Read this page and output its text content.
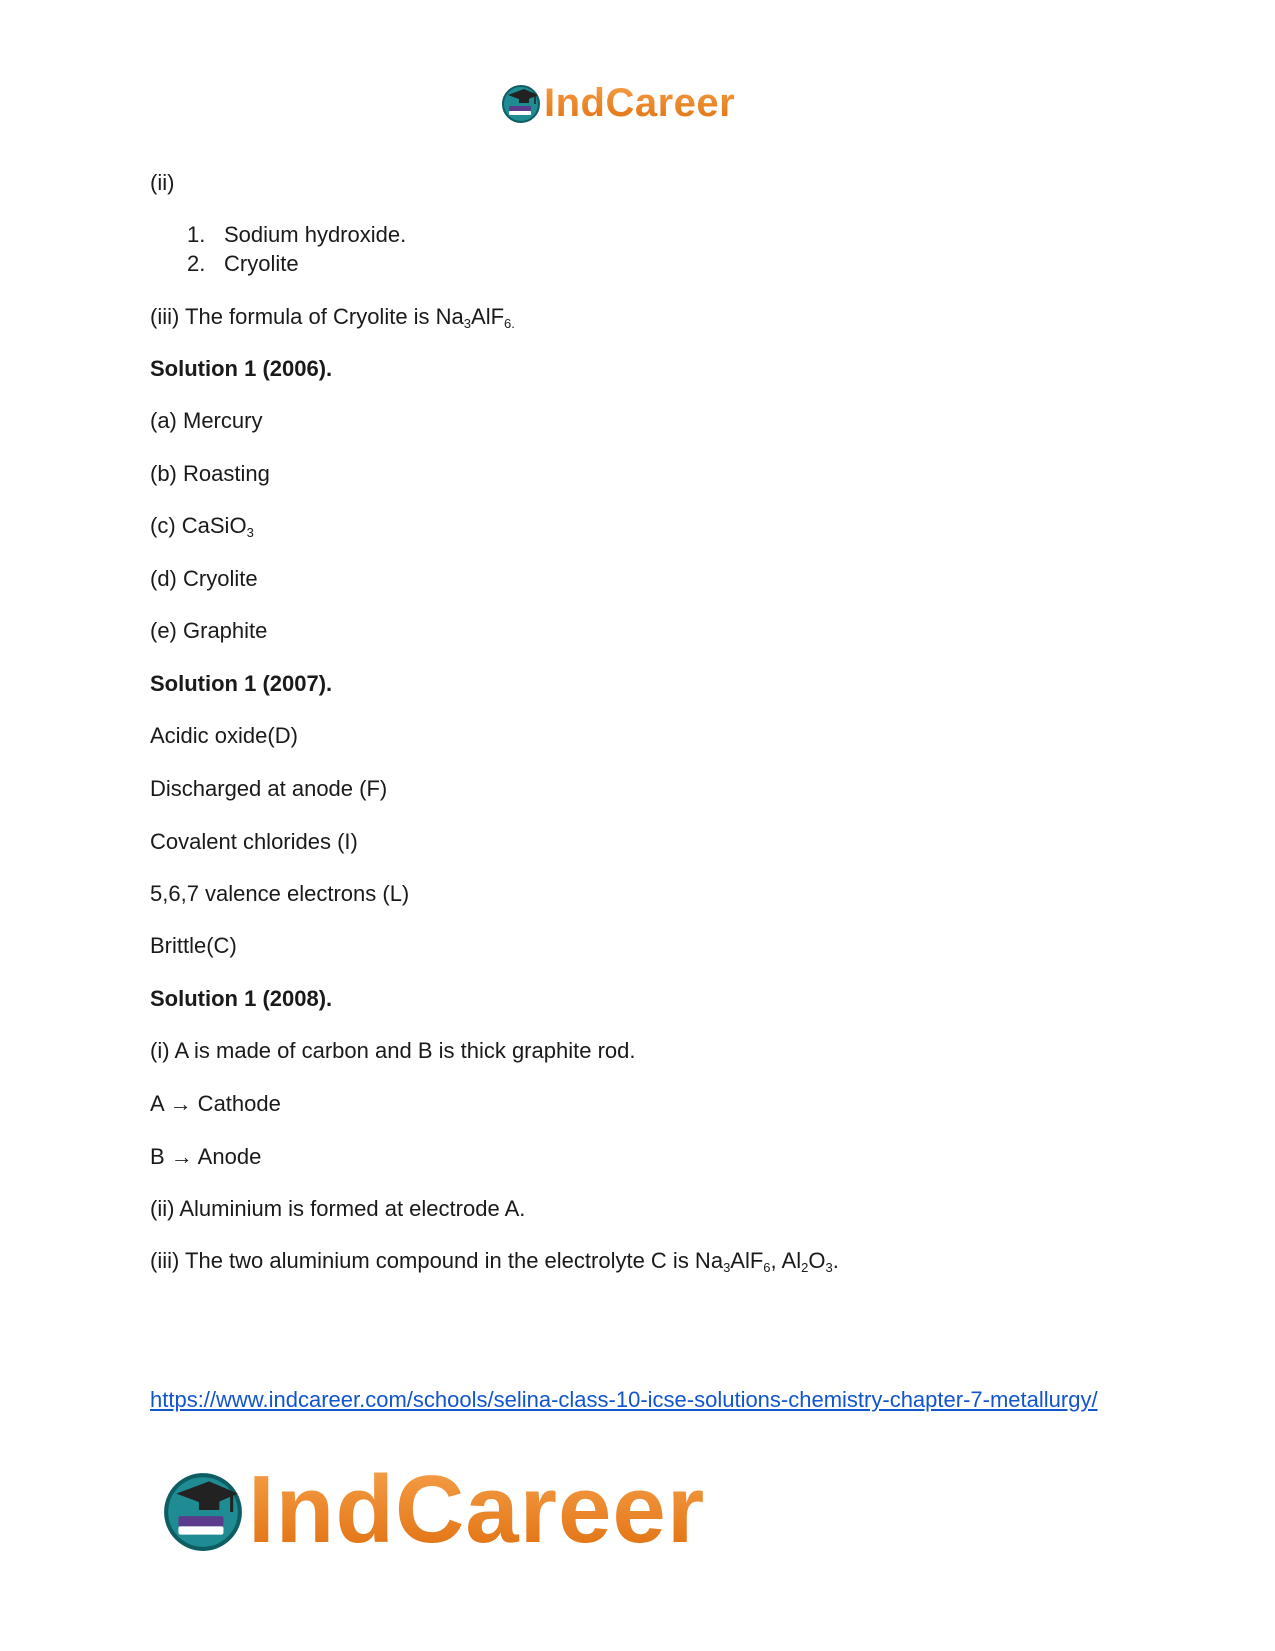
IndCareer
(ii)
1. Sodium hydroxide.
2. Cryolite
(iii) The formula of Cryolite is $Na_3AlF_{6.}$
Solution 1 (2006).
(a) Mercury
(b) Roasting
(c) CaSiO$_3$
(d) Cryolite
(e) Graphite
Solution 1 (2007).
Acidic oxide(D)
Discharged at anode (F)
Covalent chlorides (I)
5,6,7 valence electrons (L)
Brittle(C)
Solution 1 (2008).
(i) A is made of carbon and B is thick graphite rod.
A → Cathode
B → Anode
(ii) Aluminium is formed at electrode A.
(iii) The two aluminium compound in the electrolyte C is $Na_3AlF_6$, $Al_2O_3$.
https://www.indcareer.com/schools/selina-class-10-icse-solutions-chemistry-chapter-7-metallurgy/
IndCareer
